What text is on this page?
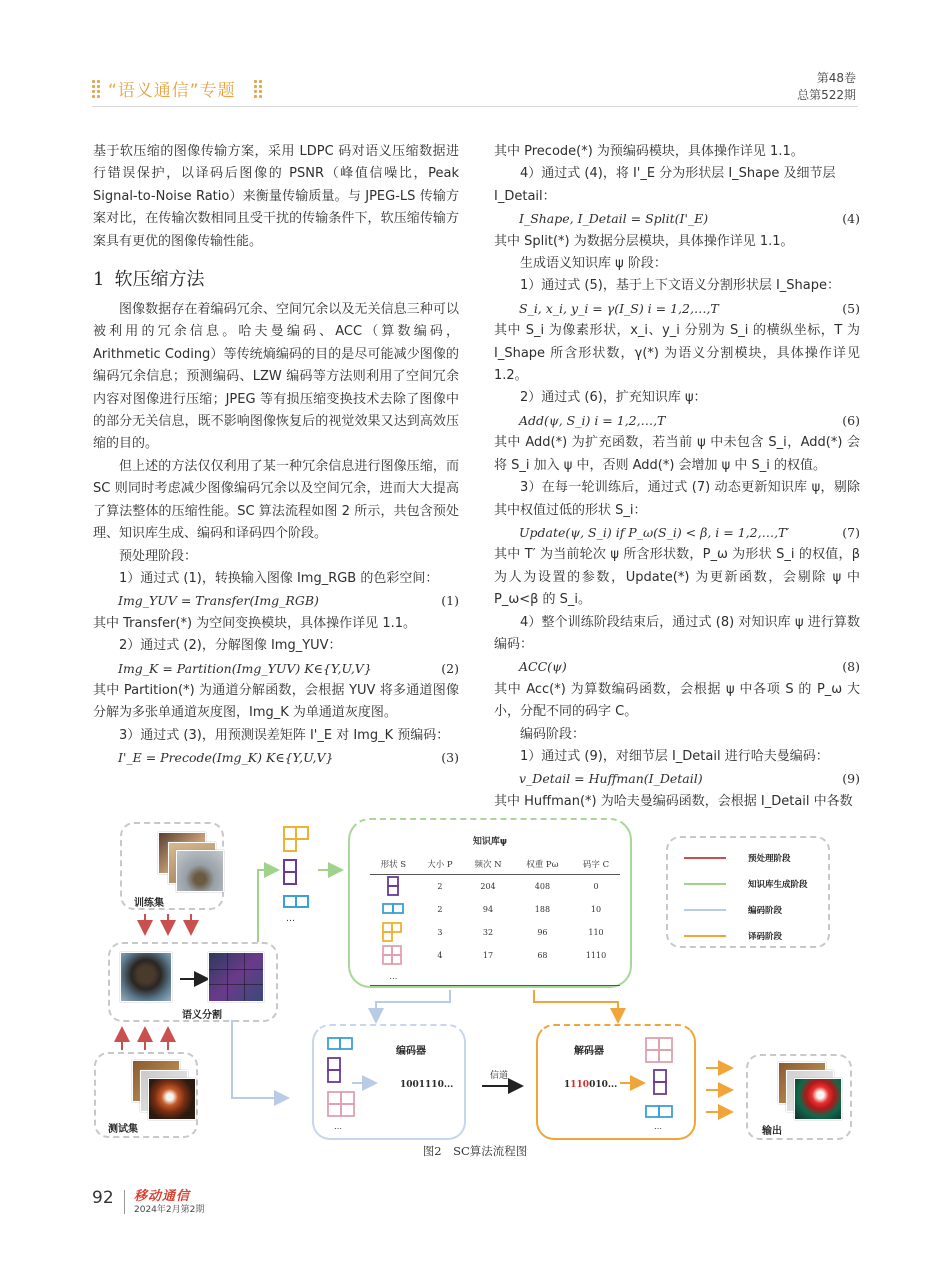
“语义通信”专题
第48卷
总第522期

基于软压缩的图像传输方案，采用 LDPC 码对语义压缩数据进行错误保护，以译码后图像的 PSNR（峰值信噪比，Peak Signal-to-Noise Ratio）来衡量传输质量。与 JPEG-LS 传输方案对比，在传输次数相同且受干扰的传输条件下，软压缩传输方案具有更优的图像传输性能。

1 软压缩方法

图像数据存在着编码冗余、空间冗余以及无关信息三种可以被利用的冗余信息。哈夫曼编码、ACC（算数编码，Arithmetic Coding）等传统熵编码的目的是尽可能减少图像的编码冗余信息；预测编码、LZW 编码等方法则利用了空间冗余内容对图像进行压缩；JPEG 等有损压缩变换技术去除了图像中的部分无关信息，既不影响图像恢复后的视觉效果又达到高效压缩的目的。

但上述的方法仅仅利用了某一种冗余信息进行图像压缩，而 SC 则同时考虑减少图像编码冗余以及空间冗余，进而大大提高了算法整体的压缩性能。SC 算法流程如图 2 所示，共包含预处理、知识库生成、编码和译码四个阶段。

预处理阶段：

1）通过式 (1)，转换输入图像 Img_RGB 的色彩空间：

Img_YUV = Transfer(Img_RGB)	(1)

其中 Transfer(*) 为空间变换模块，具体操作详见 1.1。

2）通过式 (2)，分解图像 Img_YUV：

Img_K = Partition(Img_YUV) K∈{Y,U,V}	(2)

其中 Partition(*) 为通道分解函数，会根据 YUV 将多通道图像分解为多张单通道灰度图，Img_K 为单通道灰度图。

3）通过式 (3)，用预测误差矩阵 I'_E 对 Img_K 预编码：

I'_E = Precode(Img_K) K∈{Y,U,V}	(3)

其中 Precode(*) 为预编码模块，具体操作详见 1.1。

4）通过式 (4)，将 I'_E 分为形状层 I_Shape 及细节层 I_Detail：

I_Shape, I_Detail = Split(I'_E)	(4)

其中 Split(*) 为数据分层模块，具体操作详见 1.1。

生成语义知识库 ψ 阶段：

1）通过式 (5)，基于上下文语义分割形状层 I_Shape：

S_i, x_i, y_i = γ(I_S) i = 1,2,…,T	(5)

其中 S_i 为像素形状，x_i、y_i 分别为 S_i 的横纵坐标，T 为 I_Shape 所含形状数，γ(*) 为语义分割模块，具体操作详见 1.2。

2）通过式 (6)，扩充知识库 ψ：

Add(ψ, S_i) i = 1,2,…,T	(6)

其中 Add(*) 为扩充函数，若当前 ψ 中未包含 S_i，Add(*) 会将 S_i 加入 ψ 中，否则 Add(*) 会增加 ψ 中 S_i 的权值。

3）在每一轮训练后，通过式 (7) 动态更新知识库 ψ，剔除其中权值过低的形状 S_i：

Update(ψ, S_i) if P_ω(S_i) < β, i = 1,2,…,T′	(7)

其中 T′ 为当前轮次 ψ 所含形状数，P_ω 为形状 S_i 的权值，β 为人为设置的参数，Update(*) 为更新函数，会剔除 ψ 中 P_ω<β 的 S_i。

4）整个训练阶段结束后，通过式 (8) 对知识库 ψ 进行算数编码：

ACC(ψ)	(8)

其中 Acc(*) 为算数编码函数，会根据 ψ 中各项 S 的 P_ω 大小，分配不同的码字 C。

编码阶段：

1）通过式 (9)，对细节层 I_Detail 进行哈夫曼编码：

v_Detail = Huffman(I_Detail)	(9)

其中 Huffman(*) 为哈夫曼编码函数，会根据 I_Detail 中各数

训练集
语义分割
测试集
…
知识库ψ
形状 S	大小 P	频次 N	权重 Pω	码字 C
	2	204	408	0
	2	94	188	10
	3	32	96	110
	4	17	68	1110
…				
预处理阶段
知识库生成阶段
编码阶段
译码阶段
…
编码器
1001110...
信道
解码器
1110010...
…	输出
图2　SC算法流程图
92 移动通信
2024年2月第2期
